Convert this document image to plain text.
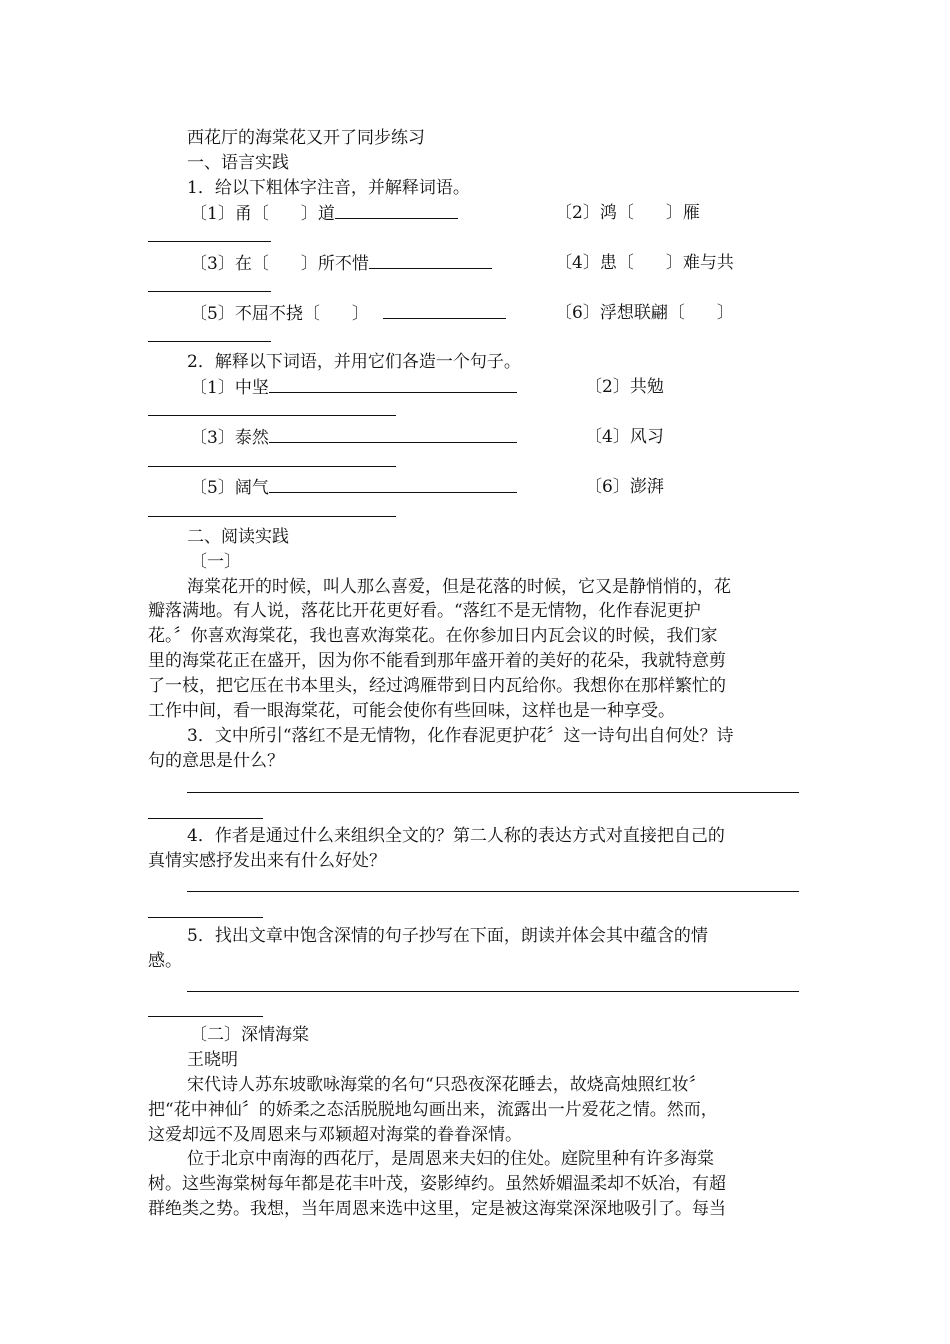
西花厅的海棠花又开了同步练习
一、语言实践
1．给以下粗体字注音，并解释词语。
〔1〕甬〔 〕道	〔2〕鸿〔 〕雁
〔3〕在〔 〕所不惜	〔4〕患〔 〕难与共
〔5〕不屈不挠〔 〕	〔6〕浮想联翩〔 〕
2．解释以下词语，并用它们各造一个句子。
〔1〕中坚	〔2〕共勉
〔3〕泰然	〔4〕风习
〔5〕阔气	〔6〕澎湃
二、阅读实践
〔一〕
海棠花开的时候，叫人那么喜爱，但是花落的时候，它又是静悄悄的，花
瓣落满地。有人说，落花比开花更好看。“落红不是无情物，化作春泥更护
花。〞你喜欢海棠花，我也喜欢海棠花。在你参加日内瓦会议的时候，我们家
里的海棠花正在盛开，因为你不能看到那年盛开着的美好的花朵，我就特意剪
了一枝，把它压在书本里头，经过鸿雁带到日内瓦给你。我想你在那样繁忙的
工作中间，看一眼海棠花，可能会使你有些回味，这样也是一种享受。
3．文中所引“落红不是无情物，化作春泥更护花〞这一诗句出自何处？诗
句的意思是什么？
4．作者是通过什么来组织全文的？第二人称的表达方式对直接把自己的
真情实感抒发出来有什么好处？
5．找出文章中饱含深情的句子抄写在下面，朗读并体会其中蕴含的情
感。
〔二〕深情海棠
王晓明
宋代诗人苏东坡歌咏海棠的名句“只恐夜深花睡去，故烧高烛照红妆〞
把“花中神仙〞的娇柔之态活脱脱地勾画出来，流露出一片爱花之情。然而，
这爱却远不及周恩来与邓颖超对海棠的眷眷深情。
位于北京中南海的西花厅，是周恩来夫妇的住处。庭院里种有许多海棠
树。这些海棠树每年都是花丰叶茂，姿影绰约。虽然娇媚温柔却不妖冶，有超
群绝类之势。我想，当年周恩来选中这里，定是被这海棠深深地吸引了。每当
